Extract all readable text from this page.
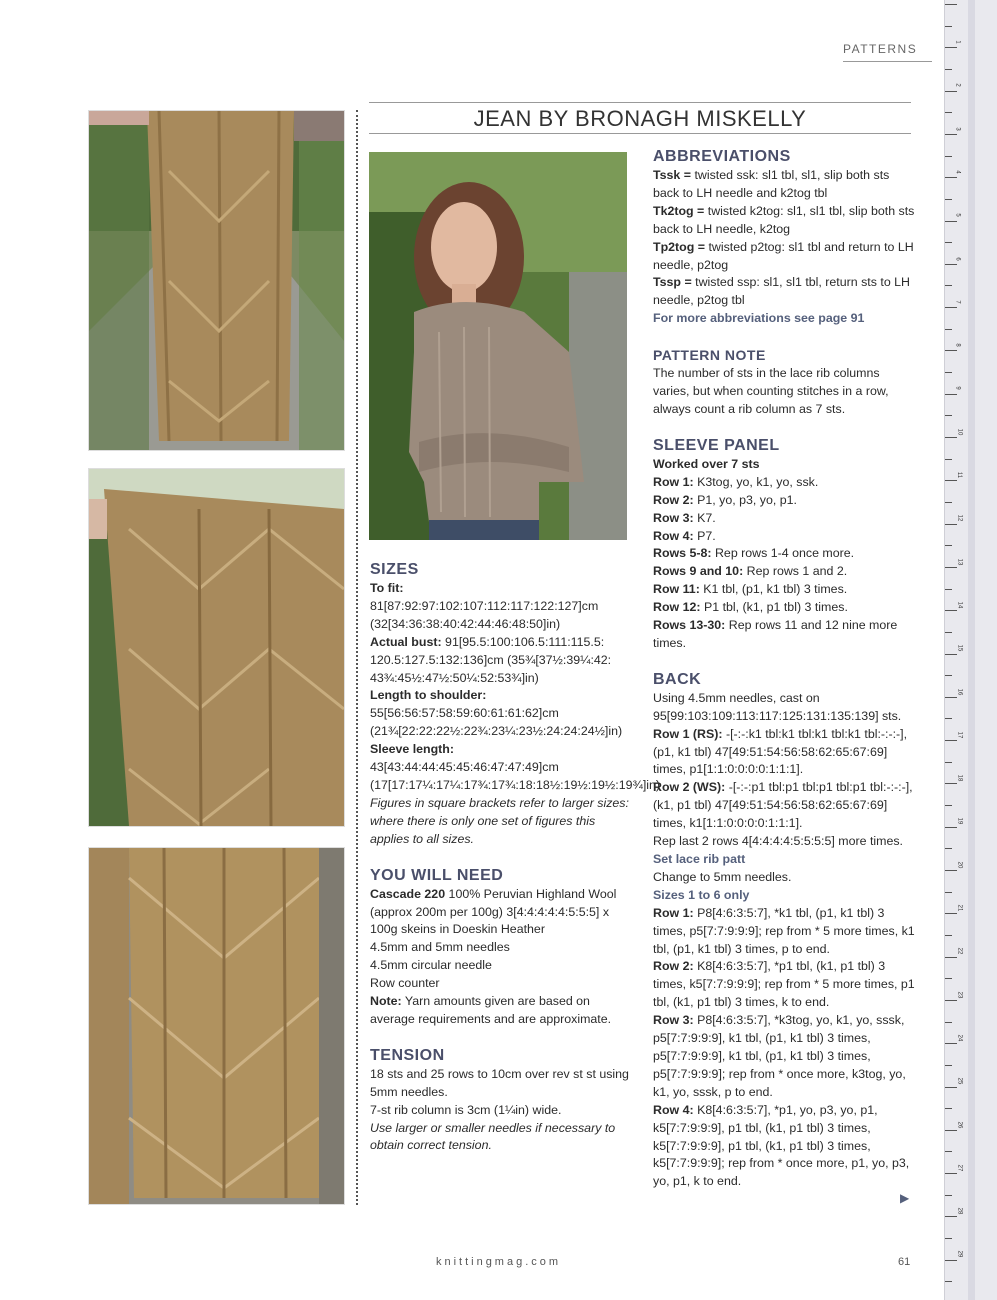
PATTERNS	1
2
3
4
5
6
7
8
9
10
11
12
13
14
15
16
17
18
19
20
21
22
23
24
25
26
27
28
29
JEAN BY BRONAGH MISKELLY
SIZES

To fit: 81[87:92:97:102:107:112:117:122:127]cm (32[34:36:38:40:42:44:46:48:50]in)

Actual bust: 91[95.5:100:106.5:111:115.5: 120.5:127.5:132:136]cm (35¾[37½:39¼:42: 43¾:45½:47½:50¼:52:53¾]in)

Length to shoulder: 55[56:56:57:58:59:60:61:61:62]cm (21¾[22:22:22½:22¾:23¼:23½:24:24:24½]in)

Sleeve length: 43[43:44:44:45:45:46:47:47:49]cm (17[17:17¼:17¼:17¾:17¾:18:18½:19½:19½:19¾]in)

Figures in square brackets refer to larger sizes: where there is only one set of figures this applies to all sizes.

YOU WILL NEED

Cascade 220 100% Peruvian Highland Wool (approx 200m per 100g) 3[4:4:4:4:4:5:5:5] x 100g skeins in Doeskin Heather

4.5mm and 5mm needles

4.5mm circular needle

Row counter

Note: Yarn amounts given are based on average requirements and are approximate.

TENSION

18 sts and 25 rows to 10cm over rev st st using 5mm needles.

7-st rib column is 3cm (1¼in) wide.

Use larger or smaller needles if necessary to obtain correct tension.

ABBREVIATIONS

Tssk = twisted ssk: sl1 tbl, sl1, slip both sts back to LH needle and k2tog tbl

Tk2tog = twisted k2tog: sl1, sl1 tbl, slip both sts back to LH needle, k2tog

Tp2tog = twisted p2tog: sl1 tbl and return to LH needle, p2tog

Tssp = twisted ssp: sl1, sl1 tbl, return sts to LH needle, p2tog tbl

For more abbreviations see page 91

PATTERN NOTE

The number of sts in the lace rib columns varies, but when counting stitches in a row, always count a rib column as 7 sts.

SLEEVE PANEL

Worked over 7 sts

Row 1: K3tog, yo, k1, yo, ssk.

Row 2: P1, yo, p3, yo, p1.

Row 3: K7.

Row 4: P7.

Rows 5-8: Rep rows 1-4 once more.

Rows 9 and 10: Rep rows 1 and 2.

Row 11: K1 tbl, (p1, k1 tbl) 3 times.

Row 12: P1 tbl, (k1, p1 tbl) 3 times.

Rows 13-30: Rep rows 11 and 12 nine more times.

BACK

Using 4.5mm needles, cast on 95[99:103:109:113:117:125:131:135:139] sts.

Row 1 (RS): -[-:-:k1 tbl:k1 tbl:k1 tbl:k1 tbl:-:-:-], (p1, k1 tbl) 47[49:51:54:56:58:62:65:67:69] times, p1[1:1:0:0:0:0:1:1:1].

Row 2 (WS): -[-:-:p1 tbl:p1 tbl:p1 tbl:p1 tbl:-:-:-], (k1, p1 tbl) 47[49:51:54:56:58:62:65:67:69] times, k1[1:1:0:0:0:0:1:1:1].

Rep last 2 rows 4[4:4:4:4:5:5:5:5] more times.

Set lace rib patt

Change to 5mm needles.

Sizes 1 to 6 only

Row 1: P8[4:6:3:5:7], *k1 tbl, (p1, k1 tbl) 3 times, p5[7:7:9:9:9]; rep from * 5 more times, k1 tbl, (p1, k1 tbl) 3 times, p to end.

Row 2: K8[4:6:3:5:7], *p1 tbl, (k1, p1 tbl) 3 times, k5[7:7:9:9:9]; rep from * 5 more times, p1 tbl, (k1, p1 tbl) 3 times, k to end.

Row 3: P8[4:6:3:5:7], *k3tog, yo, k1, yo, sssk, p5[7:7:9:9:9], k1 tbl, (p1, k1 tbl) 3 times, p5[7:7:9:9:9], k1 tbl, (p1, k1 tbl) 3 times, p5[7:7:9:9:9]; rep from * once more, k3tog, yo, k1, yo, sssk, p to end.

Row 4: K8[4:6:3:5:7], *p1, yo, p3, yo, p1, k5[7:7:9:9:9], p1 tbl, (k1, p1 tbl) 3 times, k5[7:7:9:9:9], p1 tbl, (k1, p1 tbl) 3 times, k5[7:7:9:9:9]; rep from * once more, p1, yo, p3, yo, p1, k to end.

▶
knittingmag.com	61
